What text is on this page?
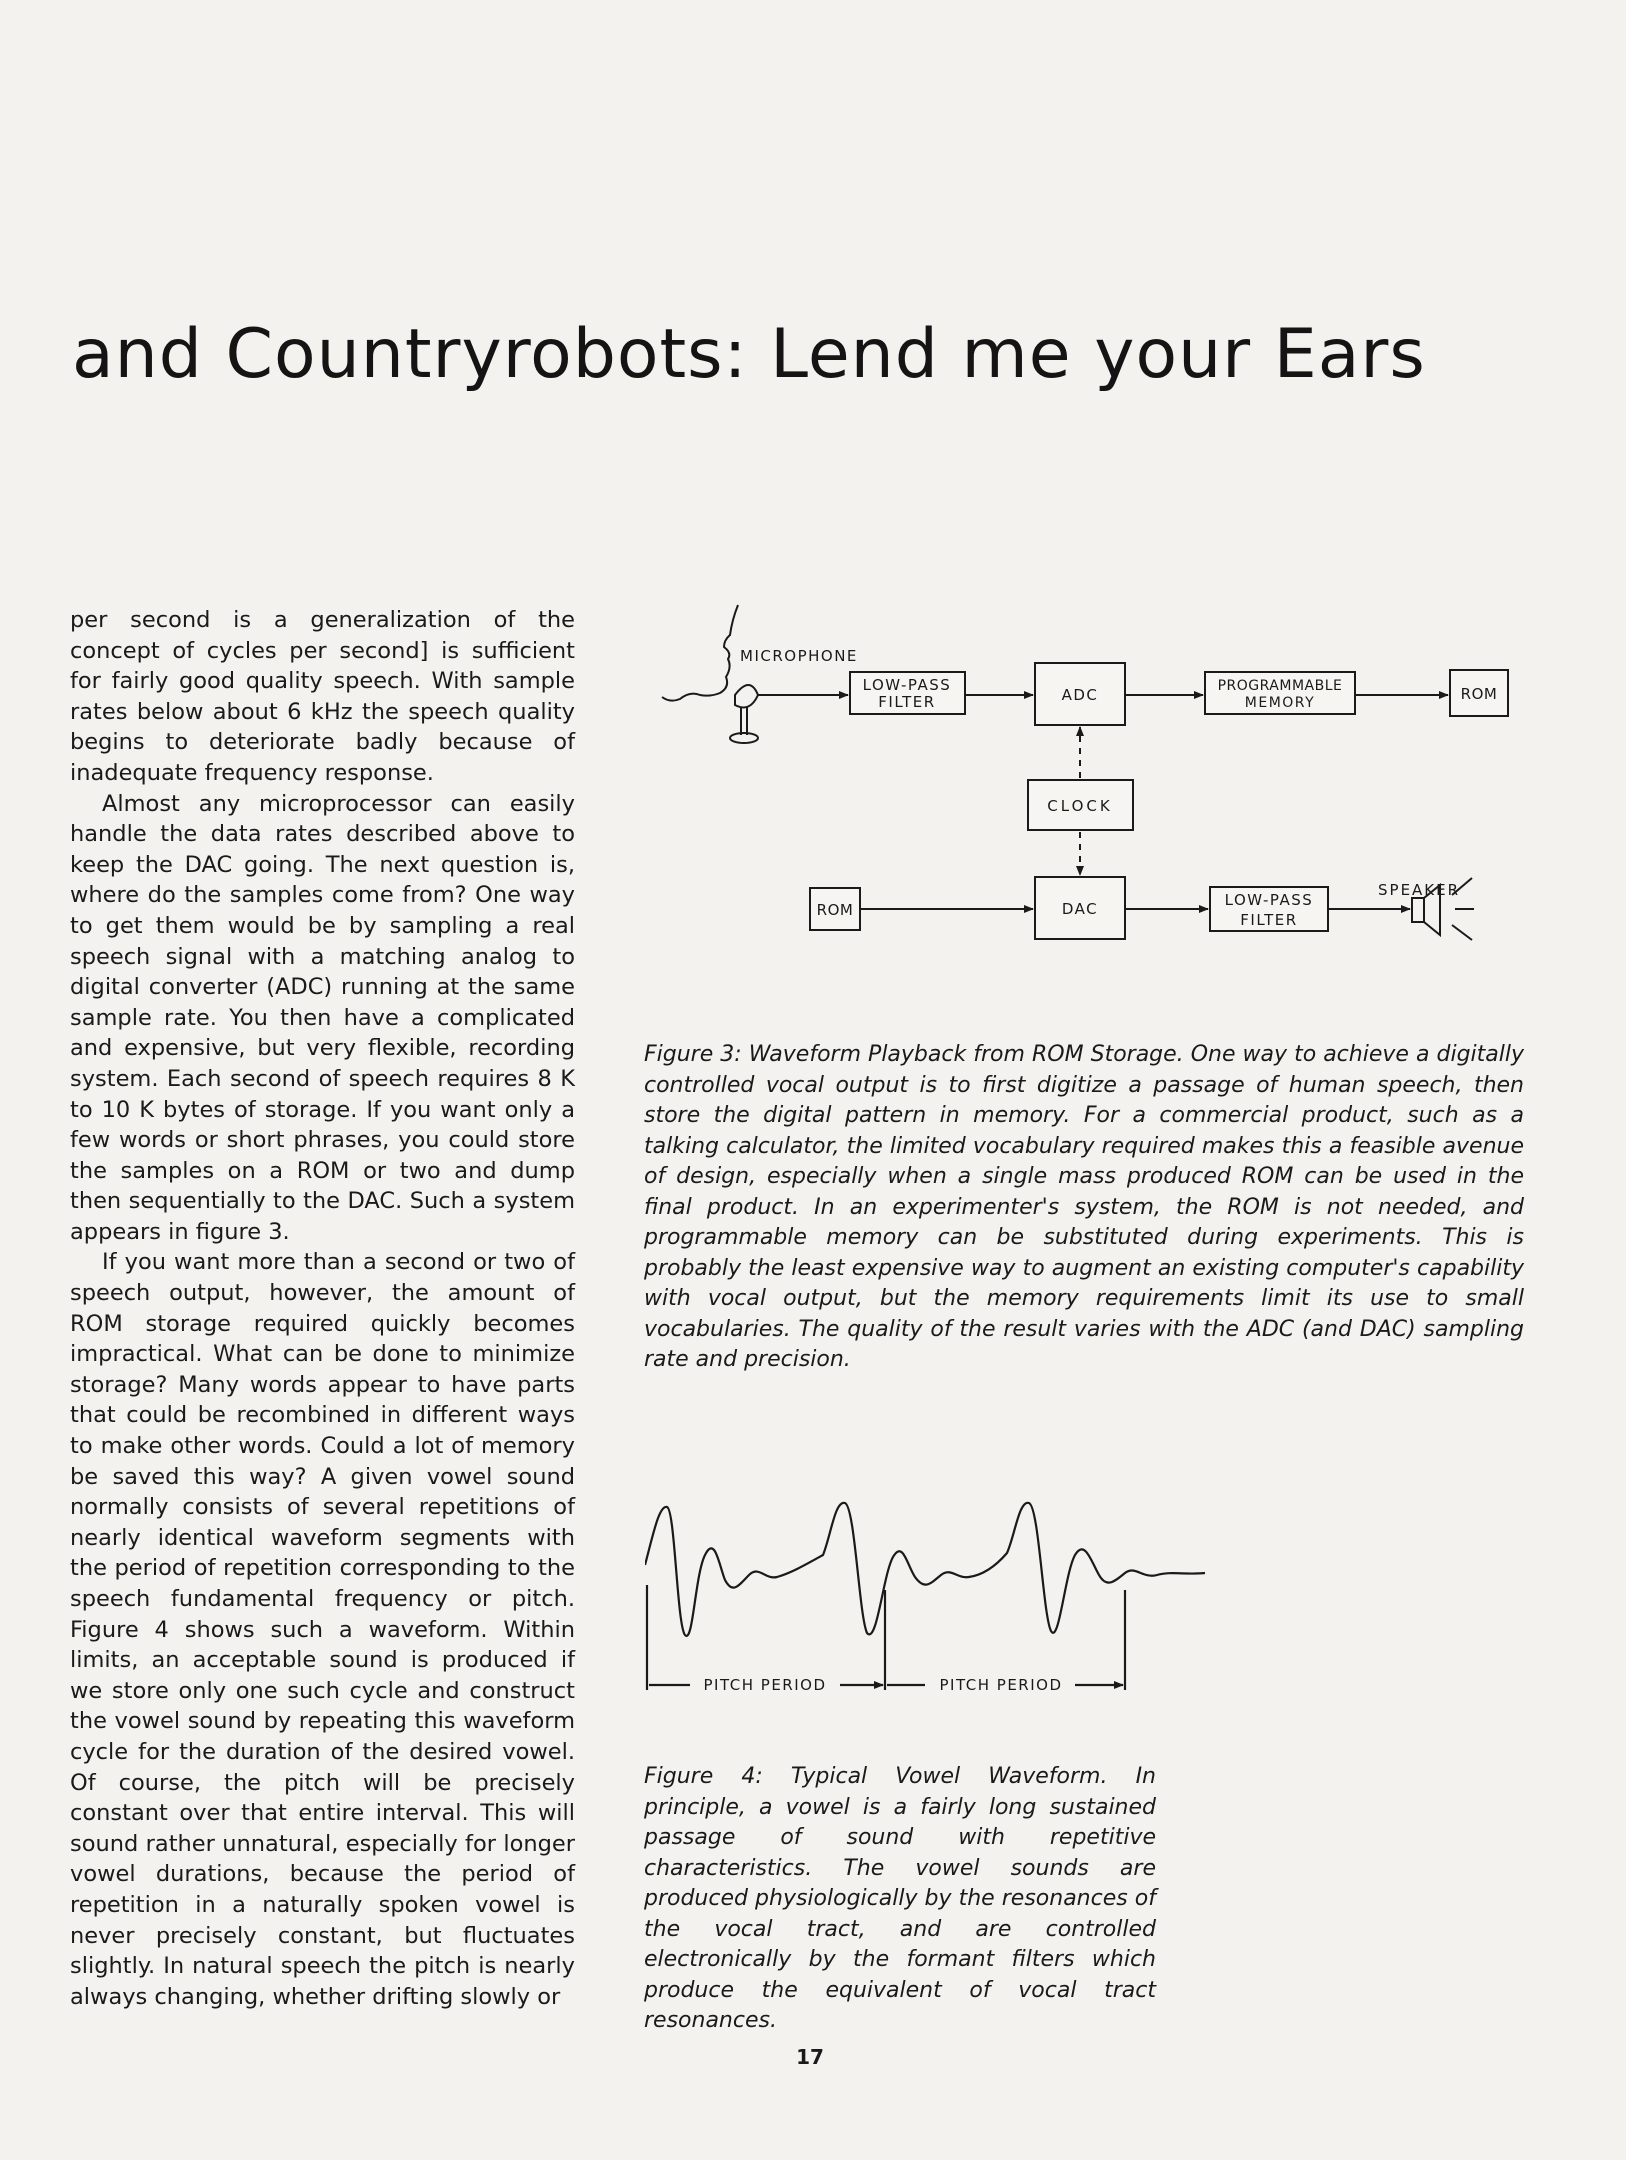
and Countryrobots: Lend me your Ears

per second is a generalization of the concept of cycles per second] is sufficient for fairly good quality speech. With sample rates below about 6 kHz the speech quality begins to deteriorate badly because of inadequate frequency response.

Almost any microprocessor can easily handle the data rates described above to keep the DAC going. The next question is, where do the samples come from? One way to get them would be by sampling a real speech signal with a matching analog to digital converter (ADC) running at the same sample rate. You then have a complicated and expensive, but very flexible, recording system. Each second of speech requires 8 K to 10 K bytes of storage. If you want only a few words or short phrases, you could store the samples on a ROM or two and dump then sequentially to the DAC. Such a system appears in figure 3.

If you want more than a second or two of speech output, however, the amount of ROM storage required quickly becomes impractical. What can be done to minimize storage? Many words appear to have parts that could be recombined in different ways to make other words. Could a lot of memory be saved this way? A given vowel sound normally consists of several repetitions of nearly identical waveform segments with the period of repetition corresponding to the speech fundamental frequency or pitch. Figure 4 shows such a waveform. Within limits, an acceptable sound is produced if we store only one such cycle and construct the vowel sound by repeating this waveform cycle for the duration of the desired vowel. Of course, the pitch will be precisely constant over that entire interval. This will sound rather unnatural, especially for longer vowel durations, because the period of repetition in a naturally spoken vowel is never precisely constant, but fluctuates slightly. In natural speech the pitch is nearly always changing, whether drifting slowly or

MICROPHONE
LOW-PASS
FILTER	ADC	PROGRAMMABLE
MEMORY	ROM
CLOCK
SPEAKER
ROM	DAC	LOW-PASS
FILTER
Figure 3: Waveform Playback from ROM Storage. One way to achieve a digitally controlled vocal output is to first digitize a passage of human speech, then store the digital pattern in memory. For a commercial product, such as a talking calculator, the limited vocabulary required makes this a feasible avenue of design, especially when a single mass produced ROM can be used in the final product. In an experimenter's system, the ROM is not needed, and programmable memory can be substituted during experiments. This is probably the least expensive way to augment an existing computer's capability with vocal output, but the memory requirements limit its use to small vocabularies. The quality of the result varies with the ADC (and DAC) sampling rate and precision.
PITCH PERIOD	PITCH PERIOD
Figure 4: Typical Vowel Waveform. In principle, a vowel is a fairly long sustained passage of sound with repetitive characteristics. The vowel sounds are produced physiologically by the resonances of the vocal tract, and are controlled electronically by the formant filters which produce the equivalent of vocal tract resonances.
17
